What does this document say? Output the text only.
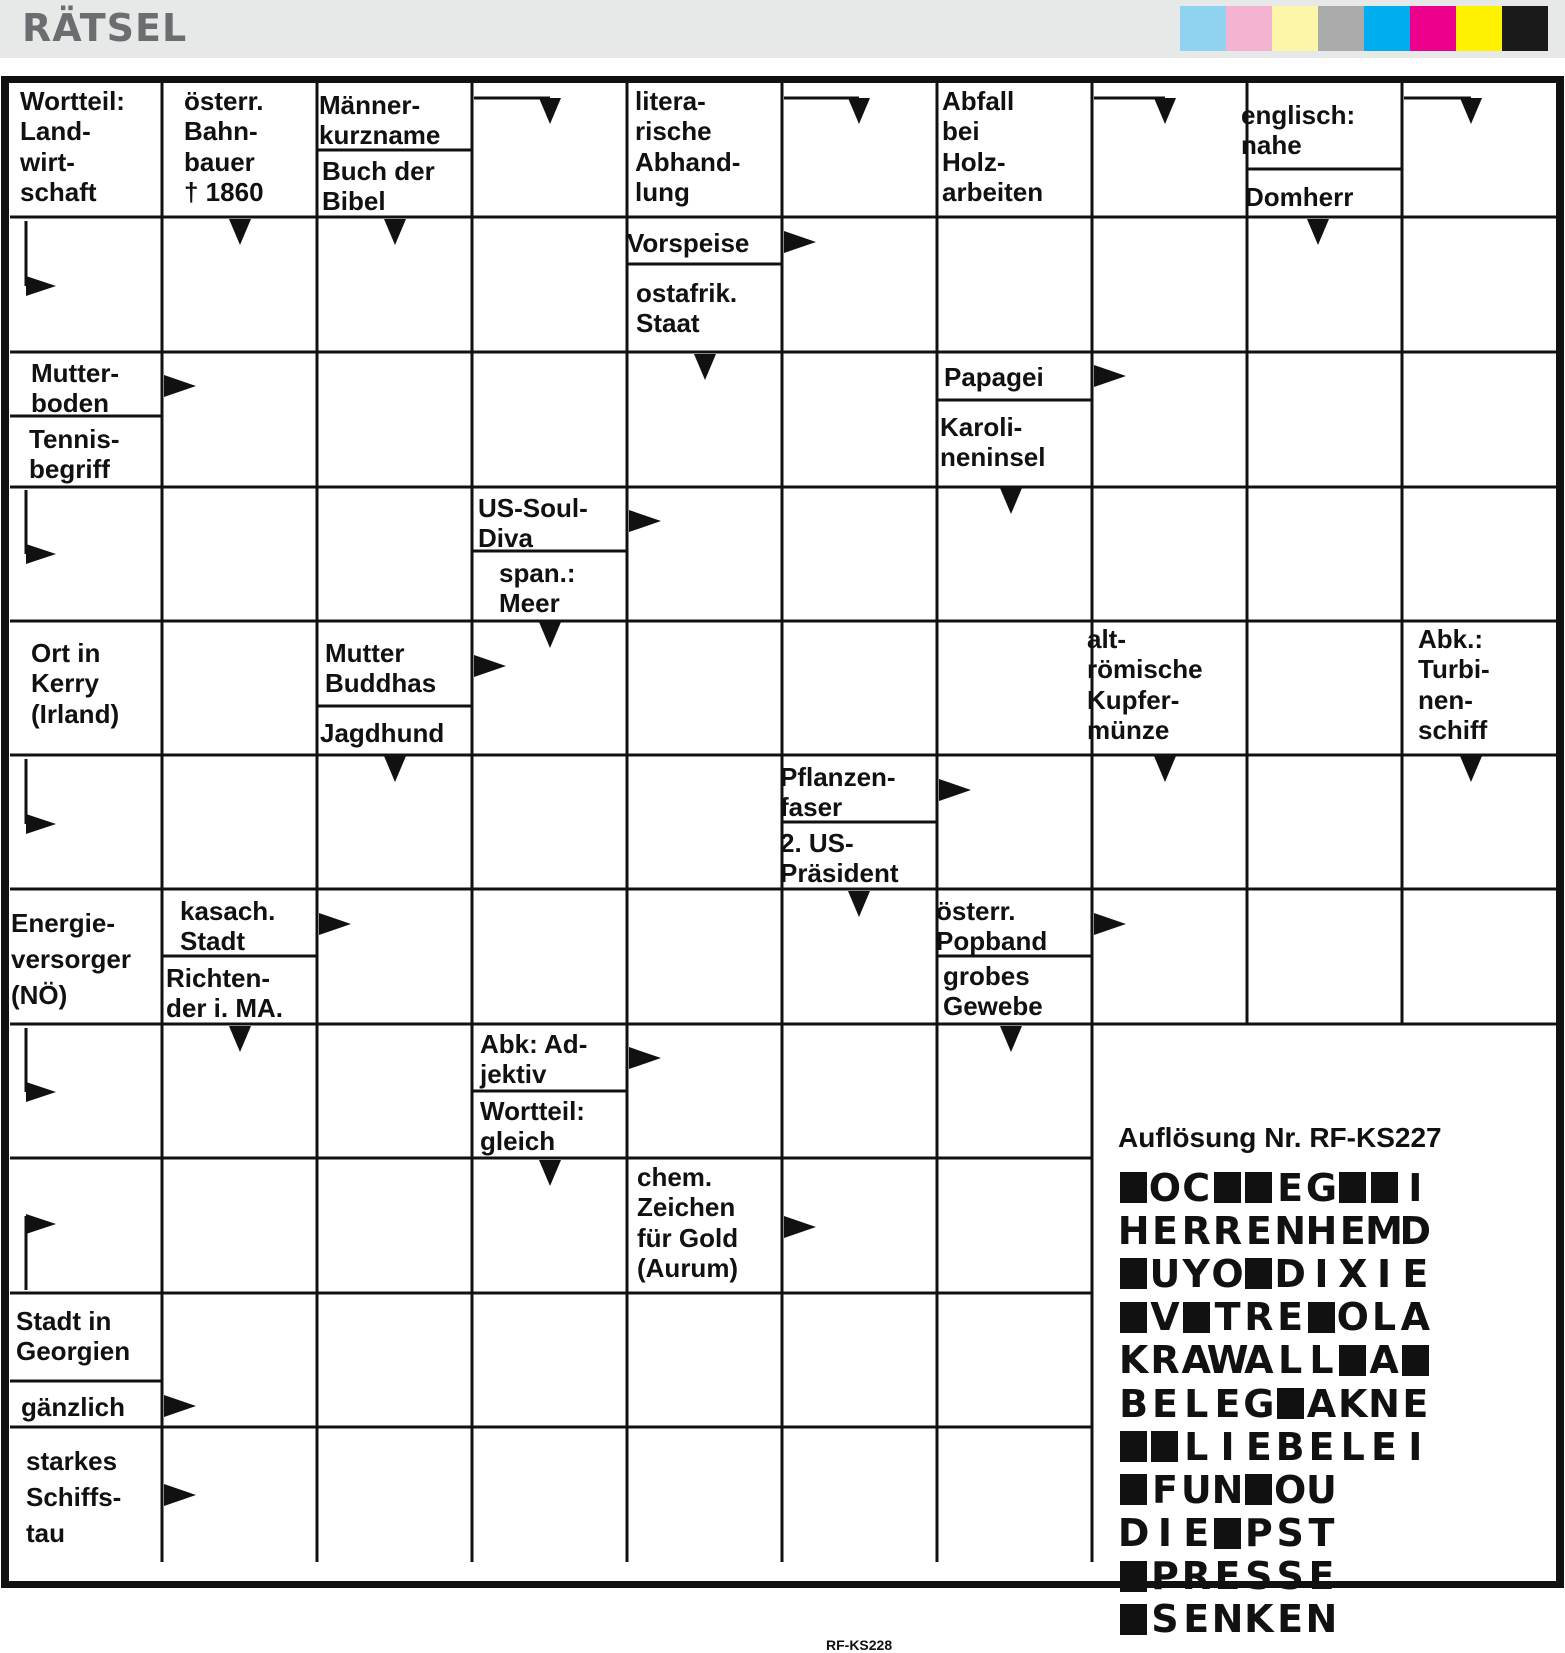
RÄTSEL
Wortteil:
Land-
wirt-
schaft
österr.
Bahn-
bauer
† 1860
Männer-
kurzname
Buch der
Bibel
litera-
rische
Abhand-
lung
Abfall
bei
Holz-
arbeiten
englisch:
nahe
Domherr
Vorspeise
ostafrik.
Staat
Mutter-
boden
Tennis-
begriff
Papagei
Karoli-
neninsel
US-Soul-
Diva
span.:
Meer
Ort in
Kerry
(Irland)
Mutter
Buddhas
Jagdhund
alt-
römische
Kupfer-
münze
Abk.:
Turbi-
nen-
schiff
Pflanzen-
faser
2. US-
Präsident
Energie-
versorger
(NÖ)
kasach.
Stadt
Richten-
der i. MA.
österr.
Popband
grobes
Gewebe
Abk: Ad-
jektiv
Wortteil:
gleich
chem.
Zeichen
für Gold
(Aurum)
Stadt in
Georgien
gänzlich
starkes
Schiffs-
tau
Auflösung Nr. RF-KS227
O C E G I
H E R R E N H E M
D
U Y O D I X I E
V T R E O L A
K R A
W
A L L A
B E L E G A K N E
L I E B E L E I
F U N O U
D I E P S T
P R E S S E
S E N K E N
RF-KS228
